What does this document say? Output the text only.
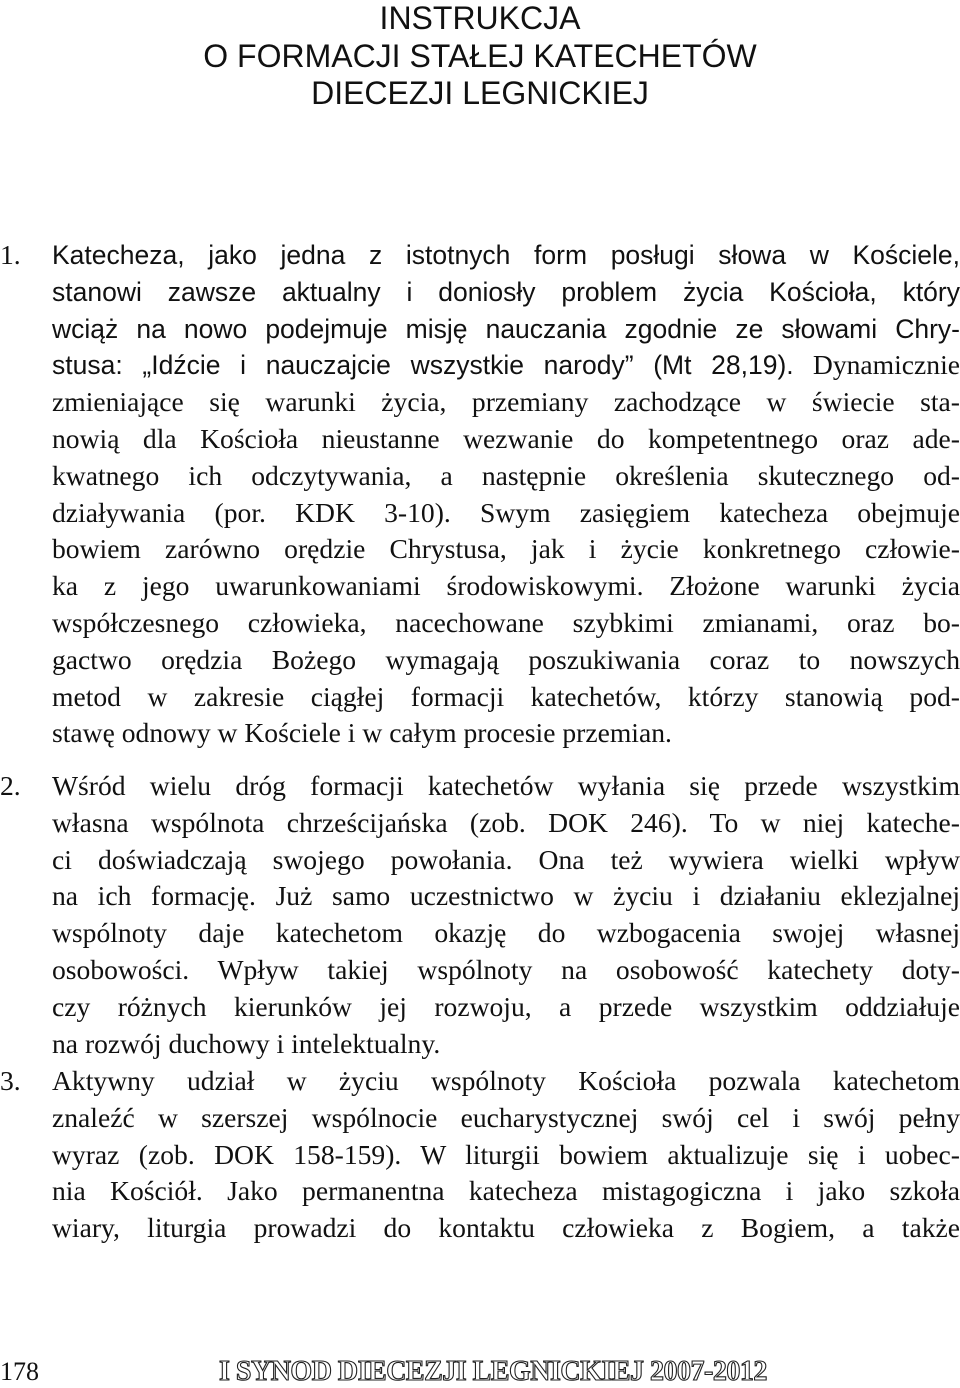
INSTRUKCJA
O FORMACJI STAŁEJ KATECHETÓW
DIECEZJI LEGNICKIEJ
1. Katecheza, jako jedna z istotnych form posługi słowa w Kościele,
stanowi zawsze aktualny i doniosły problem życia Kościoła, który
wciąż na nowo podejmuje misję nauczania zgodnie ze słowami Chry-
stusa: „Idźcie i nauczajcie wszystkie narody” (Mt 28,19). Dynamicznie
zmieniające się warunki życia, przemiany zachodzące w świecie sta-
nowią dla Kościoła nieustanne wezwanie do kompetentnego oraz ade-
kwatnego ich odczytywania, a następnie określenia skutecznego od-
działywania (por. KDK 3-10). Swym zasięgiem katecheza obejmuje
bowiem zarówno orędzie Chrystusa, jak i życie konkretnego człowie-
ka z jego uwarunkowaniami środowiskowymi. Złożone warunki życia
współczesnego człowieka, nacechowane szybkimi zmianami, oraz bo-
gactwo orędzia Bożego wymagają poszukiwania coraz to nowszych
metod w zakresie ciągłej formacji katechetów, którzy stanowią pod-
stawę odnowy w Kościele i w całym procesie przemian.
2. Wśród wielu dróg formacji katechetów wyłania się przede wszystkim
własna wspólnota chrześcijańska (zob. DOK 246). To w niej kateche-
ci doświadczają swojego powołania. Ona też wywiera wielki wpływ
na ich formację. Już samo uczestnictwo w życiu i działaniu eklezjalnej
wspólnoty daje katechetom okazję do wzbogacenia swojej własnej
osobowości. Wpływ takiej wspólnoty na osobowość katechety doty-
czy różnych kierunków jej rozwoju, a przede wszystkim oddziałuje
na rozwój duchowy i intelektualny.
3. Aktywny udział w życiu wspólnoty Kościoła pozwala katechetom
znaleźć w szerszej wspólnocie eucharystycznej swój cel i swój pełny
wyraz (zob. DOK 158-159). W liturgii bowiem aktualizuje się i uobec-
nia Kościół. Jako permanentna katecheza mistagogiczna i jako szkoła
wiary, liturgia prowadzi do kontaktu człowieka z Bogiem, a także
178	I SYNOD DIECEZJI LEGNICKIEJ 2007-2012
